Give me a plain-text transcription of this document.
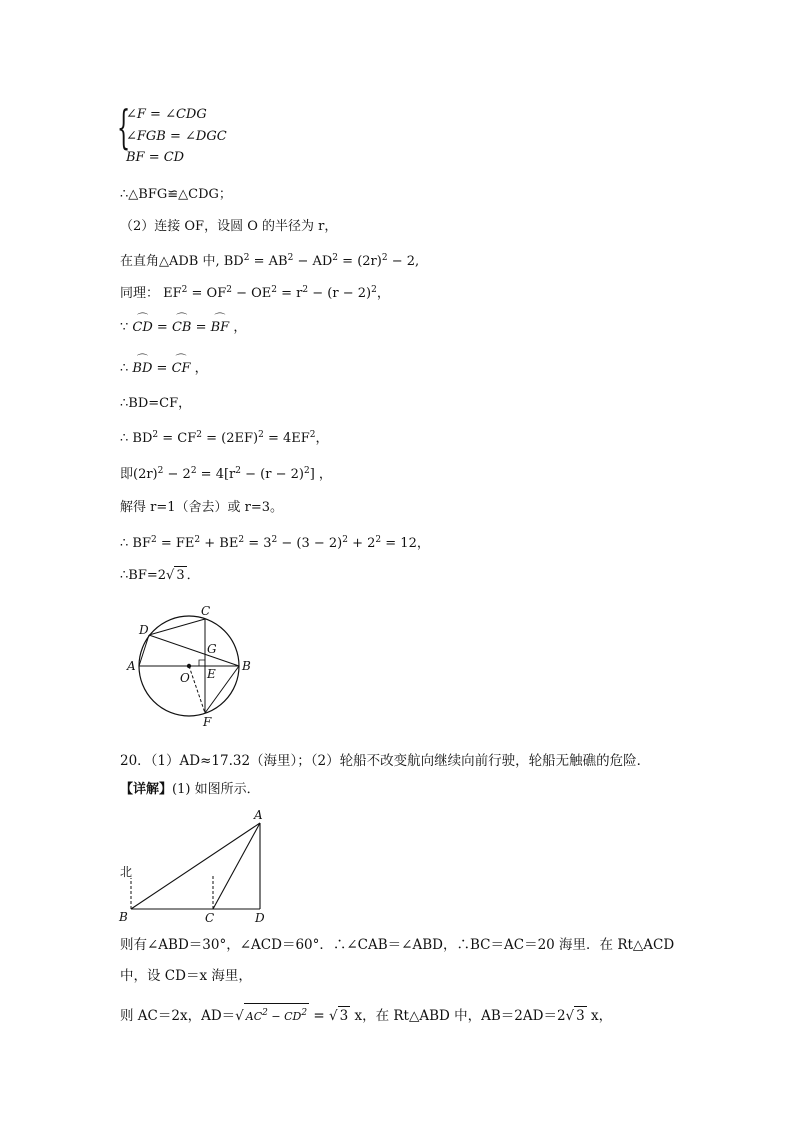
{
∠F = ∠CDG
∠FGB = ∠DGC
BF = CD
∴△BFG≌△CDG；
（2）连接 OF，设圆 O 的半径为 r，
在直角△ADB 中, $BD^2 = AB^2 - AD^2 = (2r)^2 - 2$,
同理： $EF^2 = OF^2 - OE^2 = r^2 - (r - 2)^2$，
∵ ⌒ CD = ⌒ CB = ⌒ BF ，
∴ ⌒ BD = ⌒ CF ，
∴BD=CF，
∴ $BD^2 = CF^2 = (2EF)^2 = 4EF^2$，
即$(2r)^2 - 2^2 = 4[r^2 - (r - 2)^2]$ ，
解得 r=1（舍去）或 r=3。
∴ $BF^2 = FE^2 + BE^2 = 3^2 - (3 - 2)^2 + 2^2 = 12$，
∴BF=2√ 3 ．
C
D
G
A	B
E
O
F
20．（1）AD≈17.32（海里）；（2）轮船不改变航向继续向前行驶，轮船无触礁的危险．
【详解】(1) 如图所示．
北
A
B	C	D
则有∠ABD＝30°，∠ACD＝60°．∴∠CAB＝∠ABD，∴BC＝AC＝20 海里．在 Rt△ACD
中，设 CD＝x 海里，
则 AC＝2x，AD＝√ $AC^2 - CD^2$ = √ 3 x，在 Rt△ABD 中，AB＝2AD＝2√ 3 x，
